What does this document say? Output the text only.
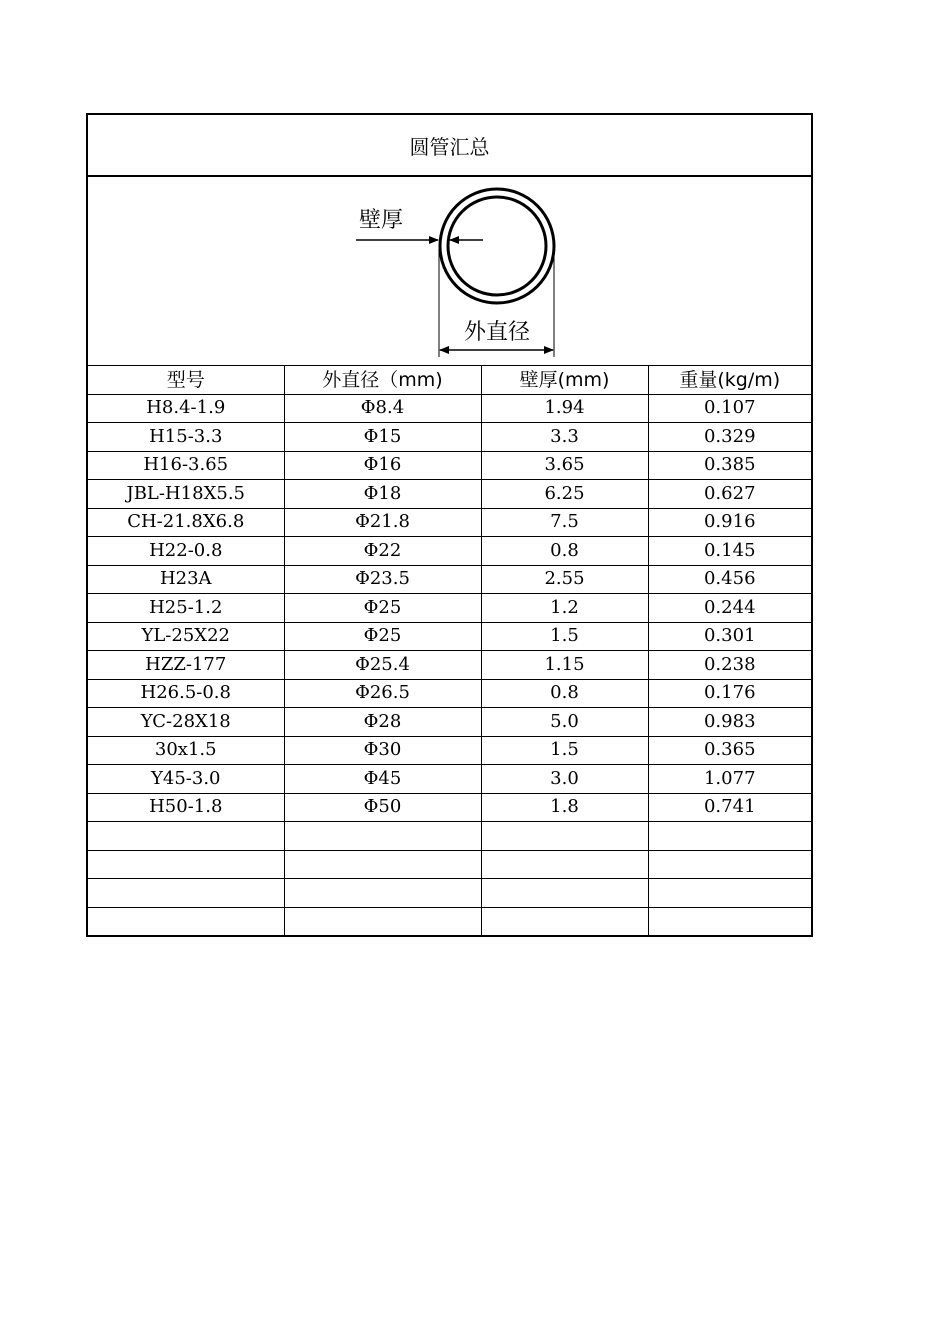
圆管汇总
壁厚
外直径
型号	外直径（mm)	壁厚(mm)	重量(kg/m)
H8.4-1.9	Φ8.4	1.94	0.107
H15-3.3	Φ15	3.3	0.329
H16-3.65	Φ16	3.65	0.385
JBL-H18X5.5	Φ18	6.25	0.627
CH-21.8X6.8	Φ21.8	7.5	0.916
H22-0.8	Φ22	0.8	0.145
H23A	Φ23.5	2.55	0.456
H25-1.2	Φ25	1.2	0.244
YL-25X22	Φ25	1.5	0.301
HZZ-177	Φ25.4	1.15	0.238
H26.5-0.8	Φ26.5	0.8	0.176
YC-28X18	Φ28	5.0	0.983
30x1.5	Φ30	1.5	0.365
Y45-3.0	Φ45	3.0	1.077
H50-1.8	Φ50	1.8	0.741
